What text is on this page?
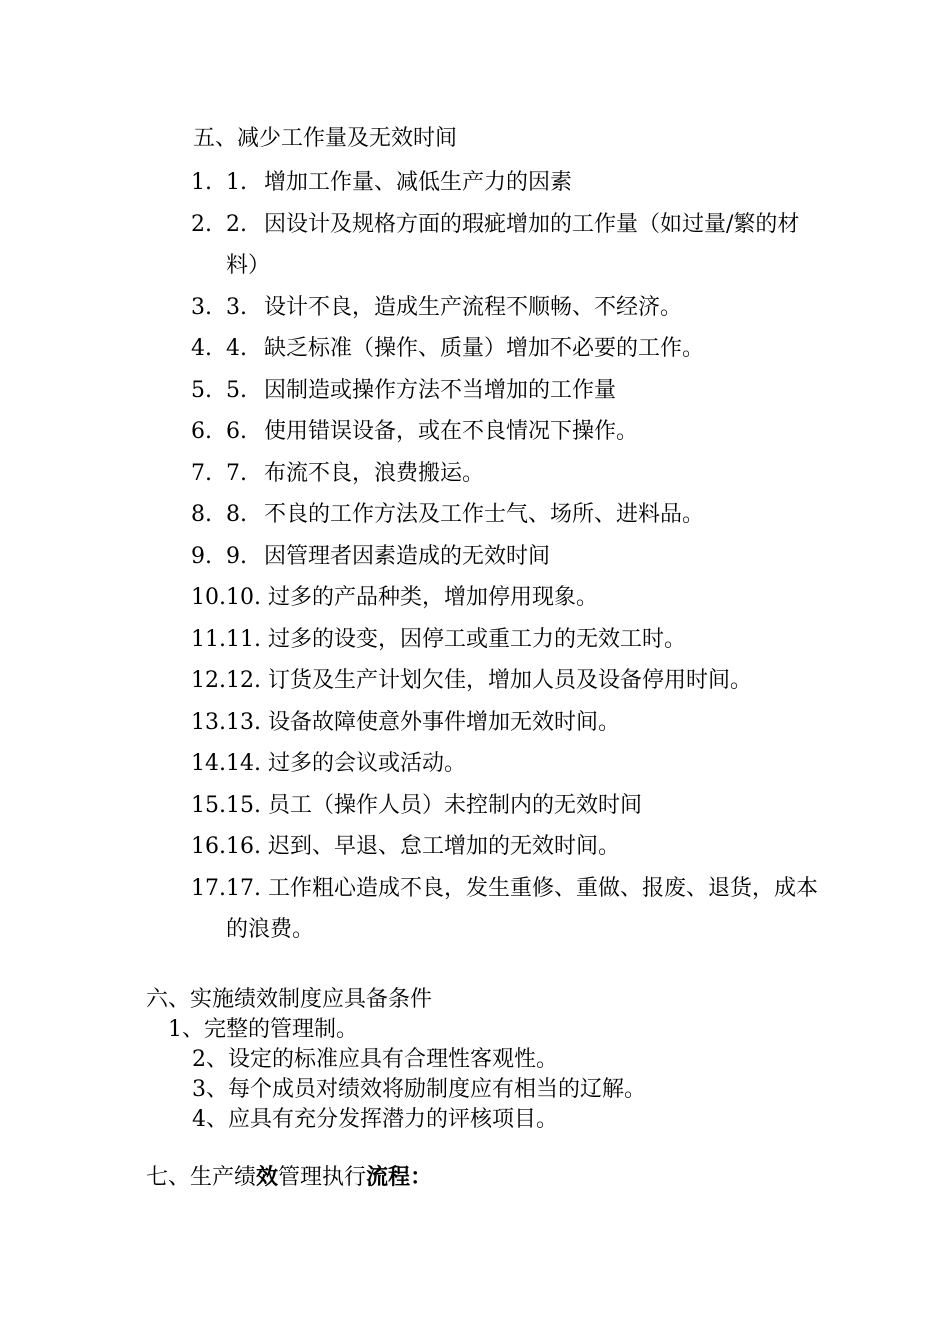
五、减少工作量及无效时间
1. 1. 增加工作量、减低生产力的因素
2. 2. 因设计及规格方面的瑕疵增加的工作量（如过量/繁的材料）
3. 3. 设计不良，造成生产流程不顺畅、不经济。
4. 4. 缺乏标准（操作、质量）增加不必要的工作。
5. 5. 因制造或操作方法不当增加的工作量
6. 6. 使用错误设备，或在不良情况下操作。
7. 7. 布流不良，浪费搬运。
8. 8. 不良的工作方法及工作士气、场所、进料品。
9. 9. 因管理者因素造成的无效时间
10. 10. 过多的产品种类，增加停用现象。
11. 11. 过多的设变，因停工或重工力的无效工时。
12. 12. 订货及生产计划欠佳，增加人员及设备停用时间。
13. 13. 设备故障使意外事件增加无效时间。
14. 14. 过多的会议或活动。
15. 15. 员工（操作人员）未控制内的无效时间
16. 16. 迟到、早退、怠工增加的无效时间。
17. 17. 工作粗心造成不良，发生重修、重做、报废、退货，成本的浪费。
六、实施绩效制度应具备条件
1、完整的管理制。
2、设定的标准应具有合理性客观性。
3、每个成员对绩效将励制度应有相当的辽解。
4、应具有充分发挥潜力的评核项目。
七、生产绩效管理执行流程：
